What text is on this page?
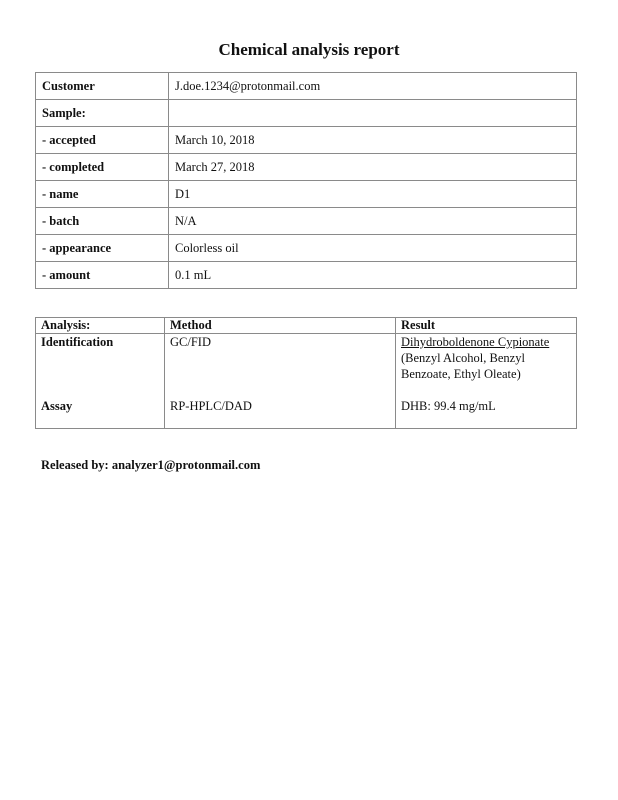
Chemical analysis report
Customer	J.doe.1234@protonmail.com
Sample:	
- accepted	March 10, 2018
- completed	March 27, 2018
- name	D1
- batch	N/A
- appearance	Colorless oil
- amount	0.1 mL
Analysis:	Method	Result
Identification	GC/FID	Dihydroboldenone Cypionate
(Benzyl Alcohol, Benzyl Benzoate, Ethyl Oleate)

Assay	RP-HPLC/DAD	DHB: 99.4 mg/mL
Released by: analyzer1@protonmail.com
